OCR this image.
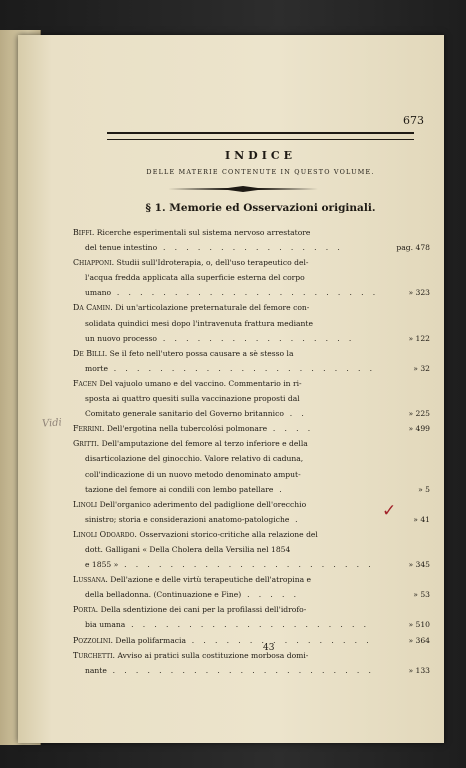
673
INDICE
DELLE MATERIE CONTENUTE IN QUESTO VOLUME.
§ 1. Memorie ed Osservazioni originali.
Biffi. Ricerche esperimentali sul sistema nervoso arrestatore
del tenue intestino . . . . . . . . . . . . . . . .	pag. 478
Chiapponi. Studii sull'Idroterapia, o, dell'uso terapeutico del-
l'acqua fredda applicata alla superficie esterna del corpo
umano . . . . . . . . . . . . . . . . . . . . . . .	» 323
Da Camin. Di un'articolazione preternaturale del femore con-
solidata quindici mesi dopo l'intravenuta frattura mediante
un nuovo processo . . . . . . . . . . . . . . . . .	» 122
De Billi. Se il feto nell'utero possa causare a sè stesso la
morte . . . . . . . . . . . . . . . . . . . . . . .	» 32
Facen Del vajuolo umano e del vaccino. Commentario in ri-
sposta ai quattro quesiti sulla vaccinazione proposti dal
Comitato generale sanitario del Governo britannico . .	» 225
Ferrini. Dell'ergotina nella tubercolósi polmonare . . . .	» 499
Gritti. Dell'amputazione del femore al terzo inferiore e della
disarticolazione del ginocchio. Valore relativo di caduna,
coll'indicazione di un nuovo metodo denominato amput-
tazione del femore ai condili con lembo patellare .	» 5
Linoli Dell'organico aderimento del padiglione dell'orecchio
sinistro; storia e considerazioni anatomo-patologiche .	» 41
Linoli Odoardo. Osservazioni storico-critiche alla relazione del
dott. Galligani « Della Cholera della Versilia nel 1854
e 1855 » . . . . . . . . . . . . . . . . . . . . . .	» 345
Lussana. Dell'azione e delle virtù terapeutiche dell'atropina e
della belladonna. (Continuazione e Fine) . . . . .	» 53
Porta. Della sdentizione dei cani per la profilassi dell'idrofo-
bia umana . . . . . . . . . . . . . . . . . . . . .	» 510
Pozzolini. Della polifarmacia . . . . . . . . . . . . . . . .	» 364
Turchetti. Avviso ai pratici sulla costituzione morbosa domi-
nante . . . . . . . . . . . . . . . . . . . . . . .	» 133
43
Vidi
✓
